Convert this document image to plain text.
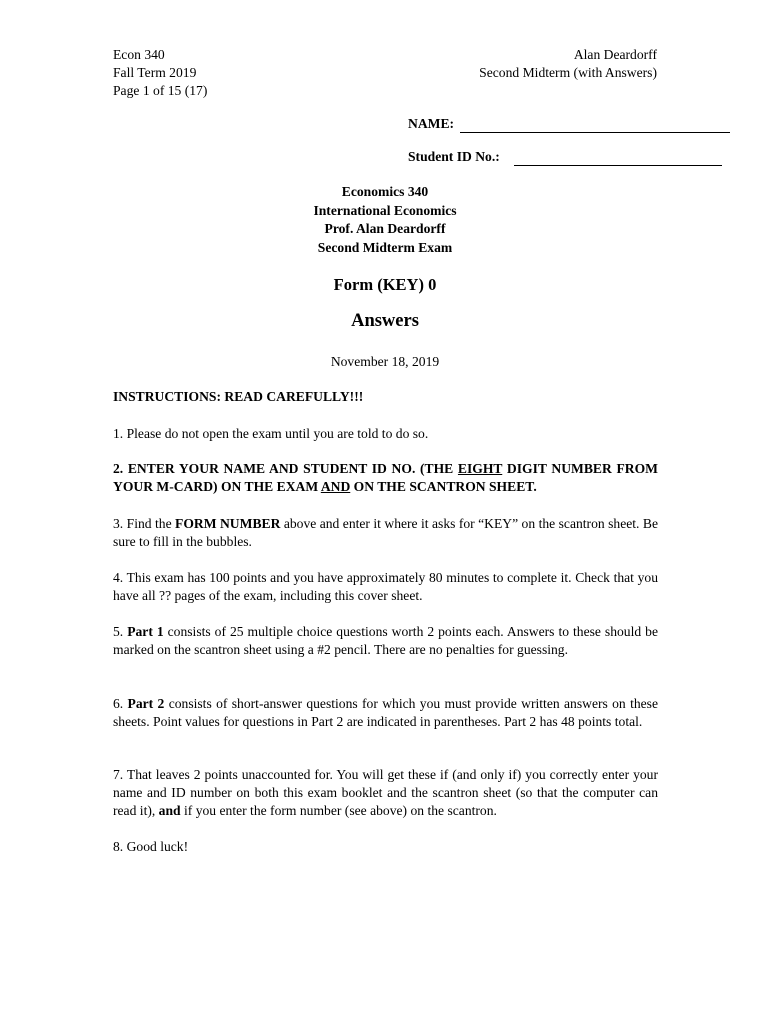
Econ 340
Fall Term 2019
Page 1 of 15 (17)
Alan Deardorff
Second Midterm (with Answers)
NAME:
Student ID No.:
Economics 340
International Economics
Prof. Alan Deardorff
Second Midterm Exam
Form (KEY) 0
Answers
November 18, 2019
INSTRUCTIONS: READ CAREFULLY!!!
1. Please do not open the exam until you are told to do so.
2. ENTER YOUR NAME AND STUDENT ID NO. (THE EIGHT DIGIT NUMBER FROM YOUR M-CARD) ON THE EXAM AND ON THE SCANTRON SHEET.
3. Find the FORM NUMBER above and enter it where it asks for “KEY” on the scantron sheet. Be sure to fill in the bubbles.
4. This exam has 100 points and you have approximately 80 minutes to complete it. Check that you have all ?? pages of the exam, including this cover sheet.
5. Part 1 consists of 25 multiple choice questions worth 2 points each. Answers to these should be marked on the scantron sheet using a #2 pencil. There are no penalties for guessing.
6. Part 2 consists of short-answer questions for which you must provide written answers on these sheets. Point values for questions in Part 2 are indicated in parentheses. Part 2 has 48 points total.
7. That leaves 2 points unaccounted for. You will get these if (and only if) you correctly enter your name and ID number on both this exam booklet and the scantron sheet (so that the computer can read it), and if you enter the form number (see above) on the scantron.
8. Good luck!
